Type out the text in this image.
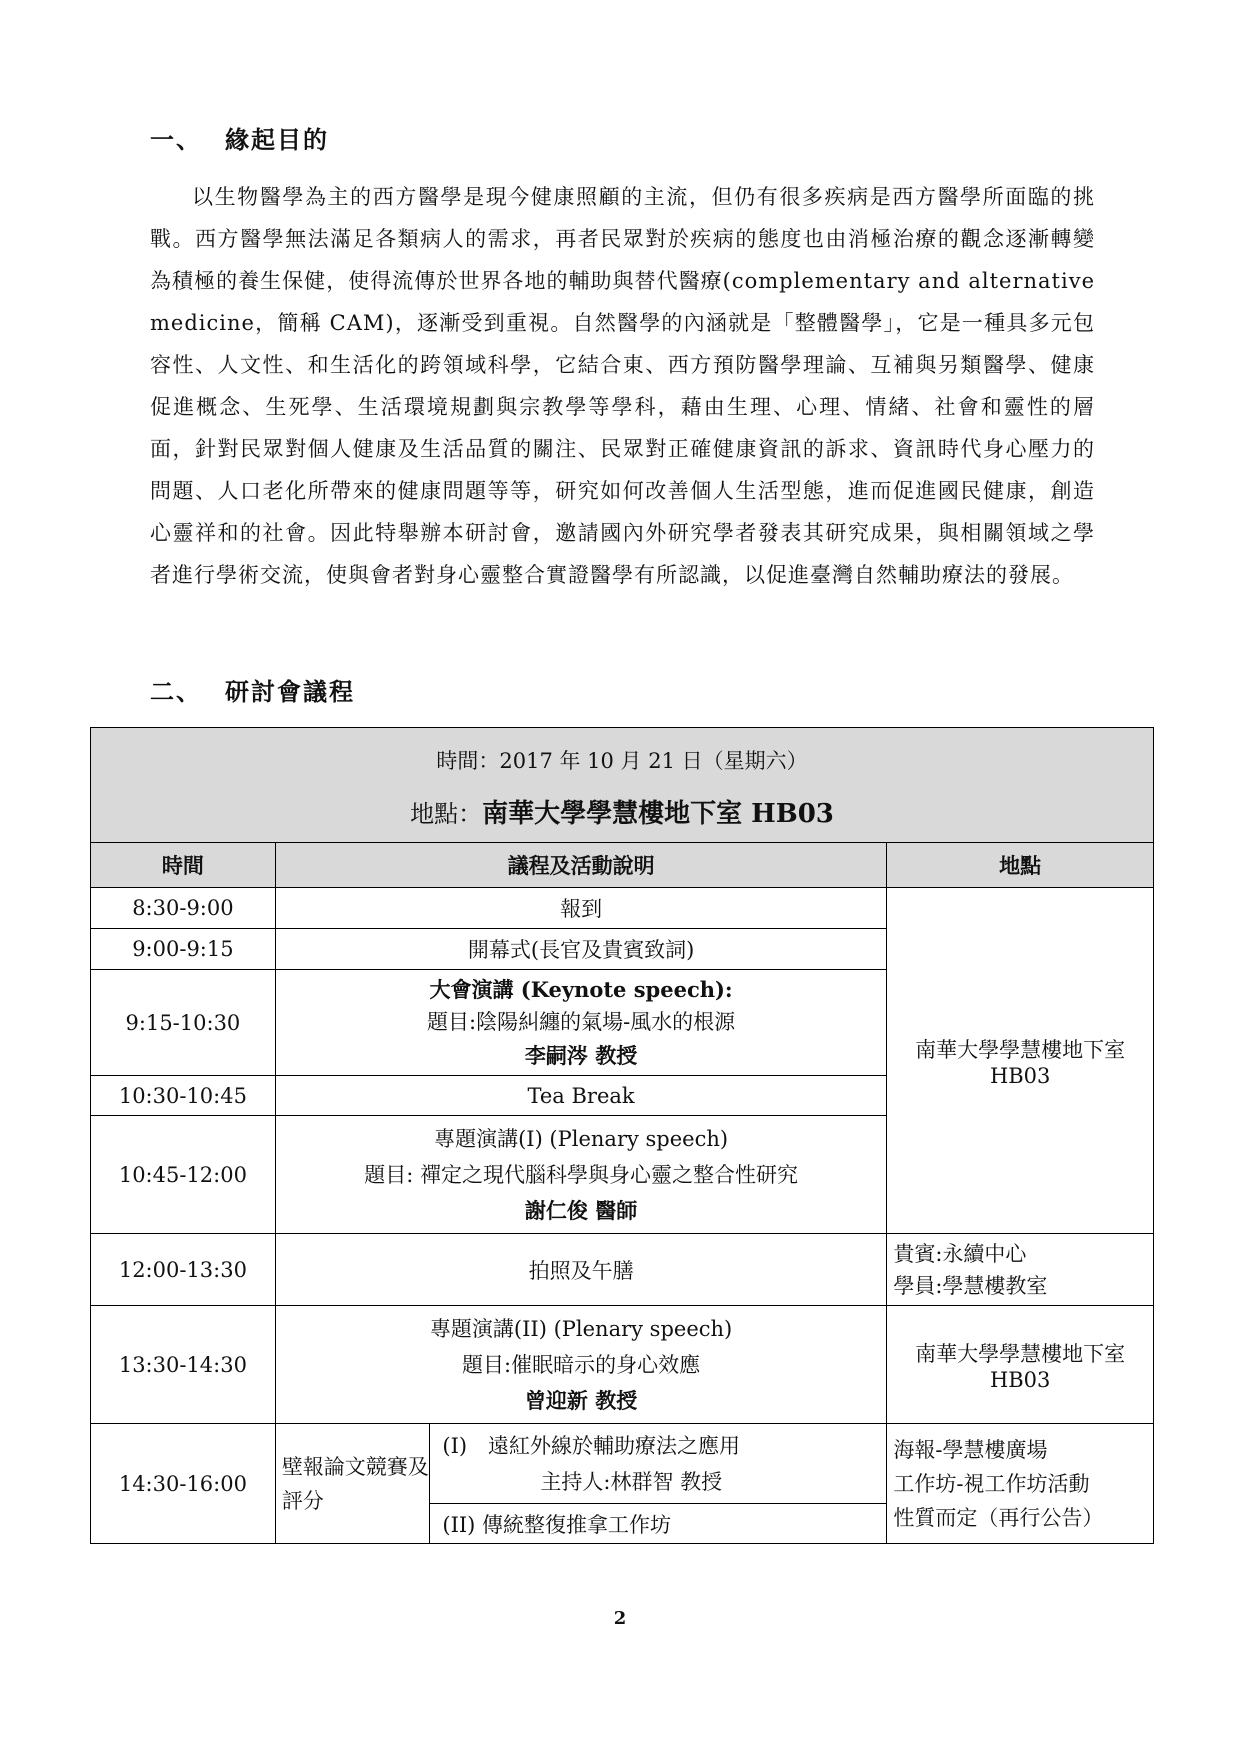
一、 緣起目的

以生物醫學為主的西方醫學是現今健康照顧的主流，但仍有很多疾病是西方醫學所面臨的挑戰。西方醫學無法滿足各類病人的需求，再者民眾對於疾病的態度也由消極治療的觀念逐漸轉變為積極的養生保健，使得流傳於世界各地的輔助與替代醫療(complementary and alternative medicine，簡稱 CAM)，逐漸受到重視。自然醫學的內涵就是「整體醫學」，它是一種具多元包容性、人文性、和生活化的跨領域科學，它結合東、西方預防醫學理論、互補與另類醫學、健康促進概念、生死學、生活環境規劃與宗教學等學科，藉由生理、心理、情緒、社會和靈性的層面，針對民眾對個人健康及生活品質的關注、民眾對正確健康資訊的訴求、資訊時代身心壓力的問題、人口老化所帶來的健康問題等等，研究如何改善個人生活型態，進而促進國民健康，創造心靈祥和的社會。因此特舉辦本研討會，邀請國內外研究學者發表其研究成果，與相關領域之學者進行學術交流，使與會者對身心靈整合實證醫學有所認識，以促進臺灣自然輔助療法的發展。

二、 研討會議程
時間：2017 年 10 月 21 日（星期六）
地點：南華大學學慧樓地下室 HB03			

時間	議程及活動說明		地點
8:30-9:00	報到		南華大學學慧樓地下室
HB03

9:00-9:15	開幕式(長官及貴賓致詞)		
9:15-10:30	大會演講 (Keynote speech):
題目:陰陽糾纏的氣場-風水的根源
李嗣涔 教授		

10:30-10:45	Tea Break		
10:45-12:00	專題演講(I) (Plenary speech)
題目: 禪定之現代腦科學與身心靈之整合性研究
謝仁俊 醫師		

12:00-13:30	拍照及午膳		貴賓:永續中心
學員:學慧樓教室

13:30-14:30	專題演講(II) (Plenary speech)
題目:催眠暗示的身心效應
曾迎新 教授		南華大學學慧樓地下室
HB03

14:30-16:00	壁報論文競賽及評分	(I)　遠紅外線於輔助療法之應用
主持人:林群智 教授	海報-學慧樓廣場
工作坊-視工作坊活動
性質而定（再行公告）

		(II) 傳統整復推拿工作坊	
2
